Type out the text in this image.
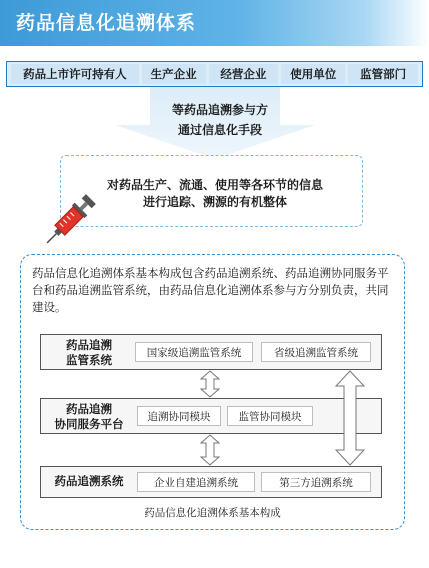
药品信息化追溯体系
药品上市许可持有人	生产企业	经营企业	使用单位	监管部门
等药品追溯参与方
通过信息化手段
对药品生产、流通、使用等各环节的信息
进行追踪、溯源的有机整体
药品信息化追溯体系基本构成包含药品追溯系统、药品追溯协同服务平台和药品追溯监管系统，由药品信息化追溯体系参与方分别负责，共同建设。
药品追溯
监管系统
国家级追溯监管系统	省级追溯监管系统
药品追溯
协同服务平台
追溯协同模块	监管协同模块
药品追溯系统	企业自建追溯系统	第三方追溯系统
药品信息化追溯体系基本构成
